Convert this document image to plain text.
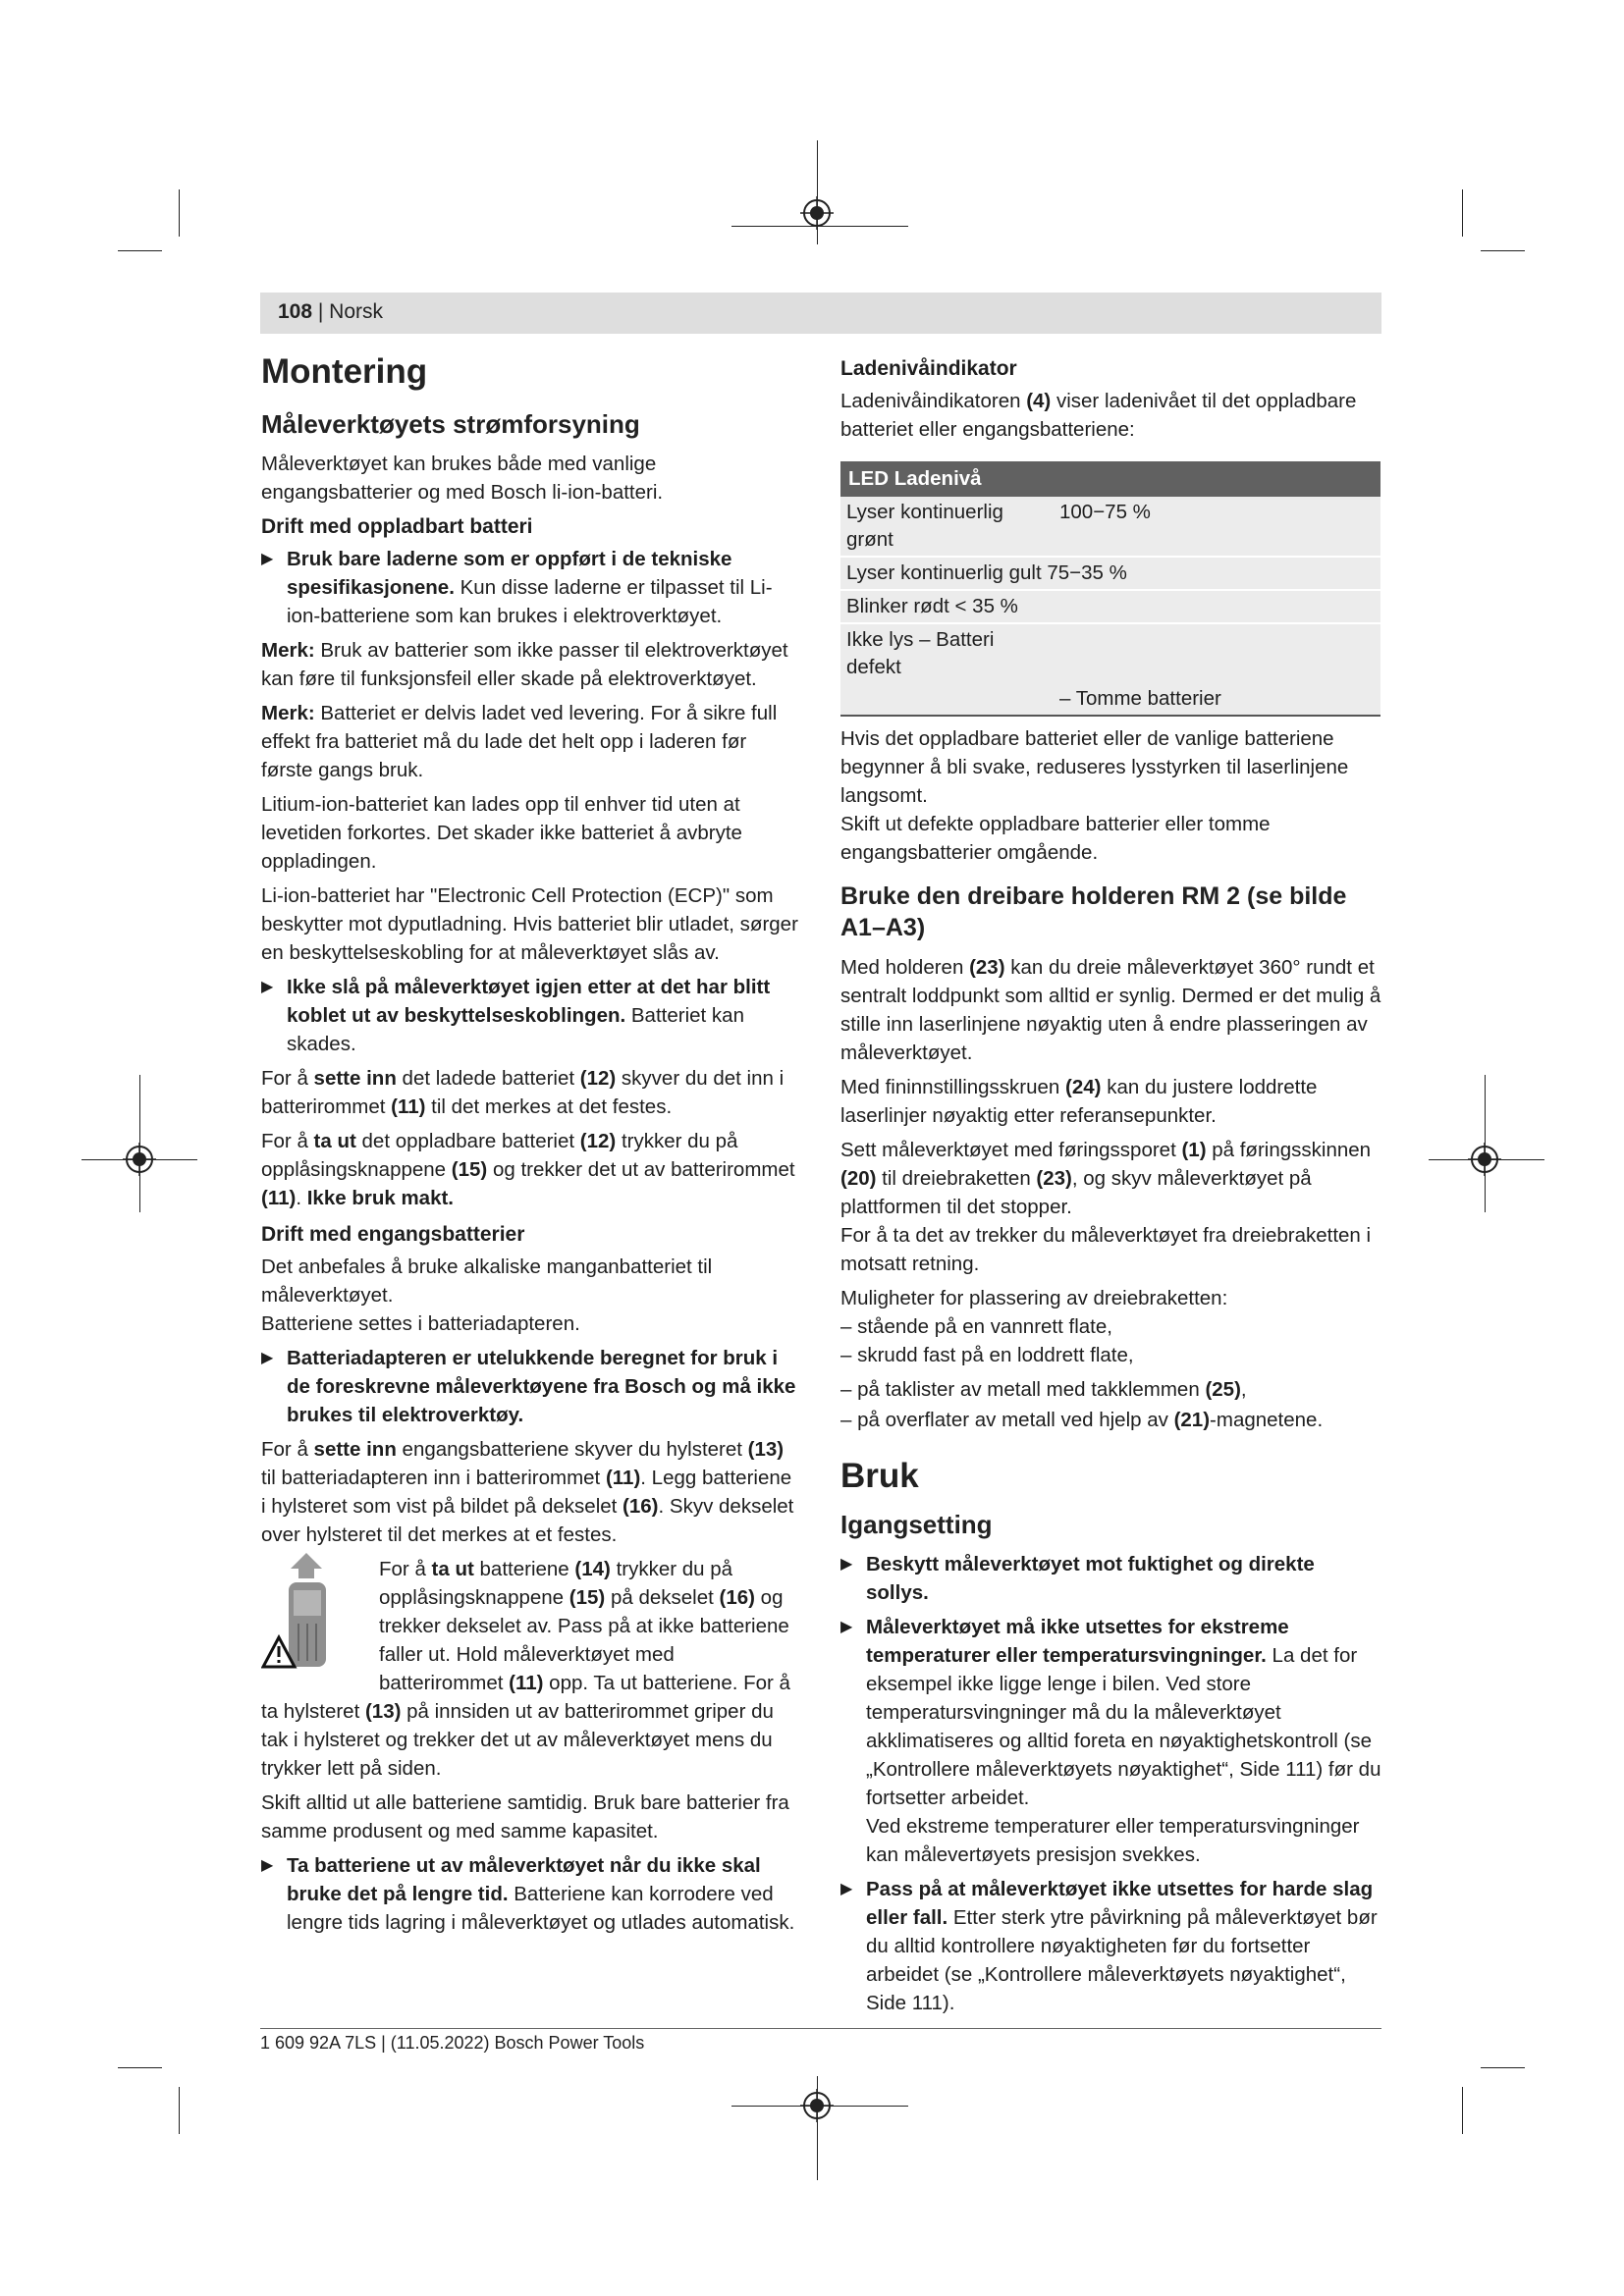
108 | Norsk
Montering
Måleverktøyets strømforsyning

Måleverktøyet kan brukes både med vanlige engangsbatterier og med Bosch li-ion-batteri.

Drift med oppladbart batteri
▶ Bruk bare laderne som er oppført i de tekniske spesifikasjonene. Kun disse laderne er tilpasset til Li-ion-batteriene som kan brukes i elektroverktøyet.

Merk: Bruk av batterier som ikke passer til elektroverktøyet kan føre til funksjonsfeil eller skade på elektroverktøyet.

Merk: Batteriet er delvis ladet ved levering. For å sikre full effekt fra batteriet må du lade det helt opp i laderen før første gangs bruk.

Litium-ion-batteriet kan lades opp til enhver tid uten at levetiden forkortes. Det skader ikke batteriet å avbryte oppladingen.

Li-ion-batteriet har "Electronic Cell Protection (ECP)" som beskytter mot dyputladning. Hvis batteriet blir utladet, sørger en beskyttelseskobling for at måleverktøyet slås av.

▶ Ikke slå på måleverktøyet igjen etter at det har blitt koblet ut av beskyttelseskoblingen. Batteriet kan skades.

For å sette inn det ladede batteriet (12) skyver du det inn i batterirommet (11) til det merkes at det festes.

For å ta ut det oppladbare batteriet (12) trykker du på opplåsingsknappene (15) og trekker det ut av batterirommet (11). Ikke bruk makt.

Drift med engangsbatterier

Det anbefales å bruke alkaliske manganbatteriet til måleverktøyet.

Batteriene settes i batteriadapteren.

▶ Batteriadapteren er utelukkende beregnet for bruk i de foreskrevne måleverktøyene fra Bosch og må ikke brukes til elektroverktøy.

For å sette inn engangsbatteriene skyver du hylsteret (13) til batteriadapteren inn i batterirommet (11). Legg batteriene i hylsteret som vist på bildet på dekselet (16). Skyv dekselet over hylsteret til det merkes at et festes.

For å ta ut batteriene (14) trykker du på opplåsingsknappene (15) på dekselet (16) og trekker dekselet av. Pass på at ikke batteriene faller ut. Hold måleverktøyet med batterirommet (11) opp. Ta ut batteriene. For å ta hylsteret (13) på innsiden ut av batterirommet griper du tak i hylsteret og trekker det ut av måleverktøyet mens du trykker lett på siden.

Skift alltid ut alle batteriene samtidig. Bruk bare batterier fra samme produsent og med samme kapasitet.

▶ Ta batteriene ut av måleverktøyet når du ikke skal bruke det på lengre tid. Batteriene kan korrodere ved lengre tids lagring i måleverktøyet og utlades automatisk.
Ladenivåindikator

Ladenivåindikatoren (4) viser ladenivået til det oppladbare batteriet eller engangsbatteriene:

LED Ladenivå	
Lyser kontinuerlig grønt	100−75 %
Lyser kontinuerlig gult 75−35 %	
Blinker rødt < 35 %	
Ikke lys – Batteri defekt	
	– Tomme batterier

Hvis det oppladbare batteriet eller de vanlige batteriene begynner å bli svake, reduseres lysstyrken til laserlinjene langsomt.

Skift ut defekte oppladbare batterier eller tomme engangsbatterier omgående.

Bruke den dreibare holderen RM 2 (se bilde A1–A3)

Med holderen (23) kan du dreie måleverktøyet 360° rundt et sentralt loddpunkt som alltid er synlig. Dermed er det mulig å stille inn laserlinjene nøyaktig uten å endre plasseringen av måleverktøyet.

Med fininnstillingsskruen (24) kan du justere loddrette laserlinjer nøyaktig etter referansepunkter.

Sett måleverktøyet med føringssporet (1) på føringsskinnen (20) til dreiebraketten (23), og skyv måleverktøyet på plattformen til det stopper.

For å ta det av trekker du måleverktøyet fra dreiebraketten i motsatt retning.

Muligheter for plassering av dreiebraketten:

– stående på en vannrett flate,

– skrudd fast på en loddrett flate,

– på taklister av metall med takklemmen (25),

– på overflater av metall ved hjelp av (21)-magnetene.

Bruk
Igangsetting
▶ Beskytt måleverktøyet mot fuktighet og direkte sollys.
▶ Måleverktøyet må ikke utsettes for ekstreme temperaturer eller temperatursvingninger. La det for eksempel ikke ligge lenge i bilen. Ved store temperatursvingninger må du la måleverktøyet akklimatiseres og alltid foreta en nøyaktighetskontroll (se „Kontrollere måleverktøyets nøyaktighet“, Side 111) før du fortsetter arbeidet.
Ved ekstreme temperaturer eller temperatursvingninger kan målevertøyets presisjon svekkes.
▶ Pass på at måleverktøyet ikke utsettes for harde slag eller fall. Etter sterk ytre påvirkning på måleverktøyet bør du alltid kontrollere nøyaktigheten før du fortsetter arbeidet (se „Kontrollere måleverktøyets nøyaktighet“, Side 111).
1 609 92A 7LS | (11.05.2022) Bosch Power Tools
